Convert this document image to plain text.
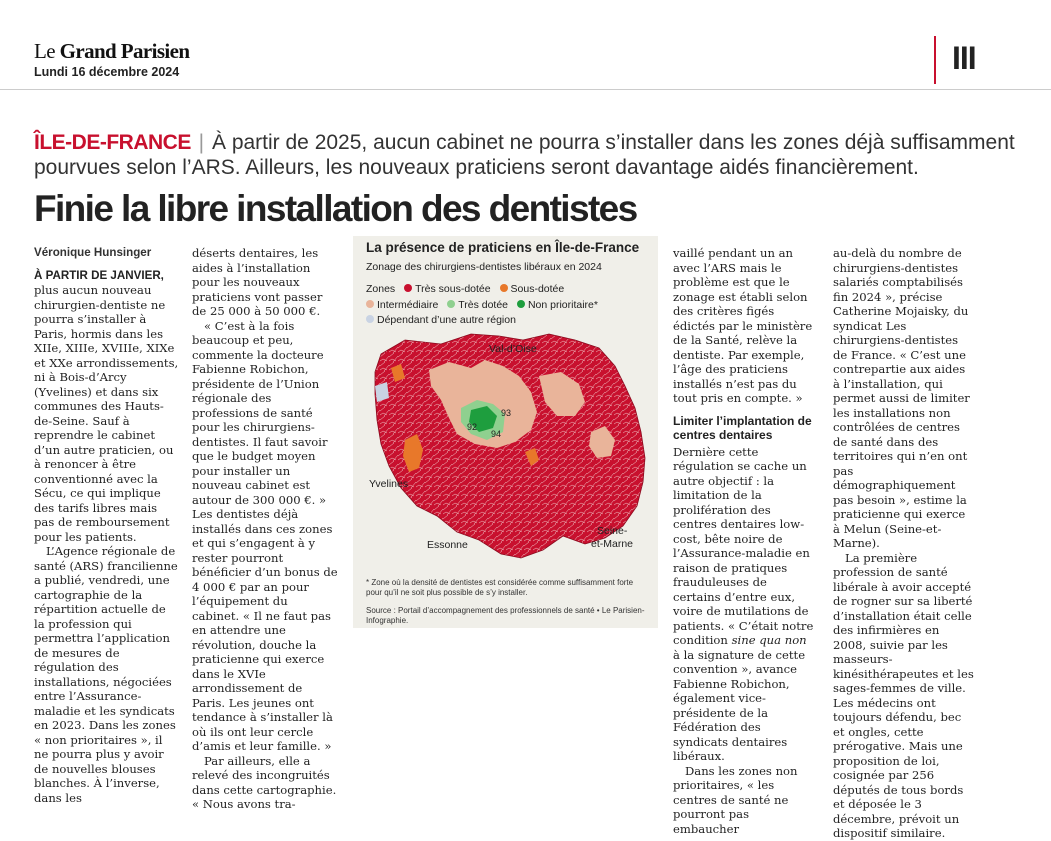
Le Grand Parisien
Lundi 16 décembre 2024	III
ÎLE-DE-FRANCE | À partir de 2025, aucun cabinet ne pourra s’installer dans les zones déjà suffisamment pourvues selon l’ARS. Ailleurs, les nouveaux praticiens seront davantage aidés financièrement.
Finie la libre installation des dentistes
Véronique Hunsinger

À PARTIR DE JANVIER, plus aucun nouveau chirurgien-dentiste ne pourra s’installer à Paris, hormis dans les XIIe, XIIIe, XVIIIe, XIXe et XXe arrondissements, ni à Bois-d’Arcy (Yvelines) et dans six communes des Hauts-de-Seine. Sauf à reprendre le cabinet d’un autre praticien, ou à renoncer à être conventionné avec la Sécu, ce qui implique des tarifs libres mais pas de remboursement pour les patients.

L’Agence régionale de santé (ARS) francilienne a publié, vendredi, une cartographie de la répartition actuelle de la profession qui permettra l’application de mesures de régulation des installations, négociées entre l’Assurance-maladie et les syndicats en 2023. Dans les zones « non prioritaires », il ne pourra plus y avoir de nouvelles blouses blanches. À l’inverse, dans les

déserts dentaires, les aides à l’installation pour les nouveaux praticiens vont passer de 25 000 à 50 000 €.

« C’est à la fois beaucoup et peu, commente la docteure Fabienne Robichon, présidente de l’Union régionale des professions de santé pour les chirurgiens-dentistes. Il faut savoir que le budget moyen pour installer un nouveau cabinet est autour de 300 000 €. » Les dentistes déjà installés dans ces zones et qui s’engagent à y rester pourront bénéficier d’un bonus de 4 000 € par an pour l’équipement du cabinet. « Il ne faut pas en attendre une révolution, douche la praticienne qui exerce dans le XVIe arrondissement de Paris. Les jeunes ont tendance à s’installer là où ils ont leur cercle d’amis et leur famille. »

Par ailleurs, elle a relevé des incongruités dans cette cartographie. « Nous avons tra-

Val-d’Oise
Yvelines
Essonne
Seine-
et-Marne
93
92
94
La présence de praticiens en Île-de-France
Zonage des chirurgiens-dentistes libéraux en 2024
Zones Très sous-dotée Sous-dotée
Intermédiaire Très dotée Non prioritaire*
Dépendant d’une autre région
* Zone où la densité de dentistes est considérée comme suffisamment forte pour qu’il ne soit plus possible de s’y installer.
Source : Portail d’accompagnement des professionnels de santé • Le Parisien-Infographie.

vaillé pendant un an avec l’ARS mais le problème est que le zonage est établi selon des critères figés édictés par le ministère de la Santé, relève la dentiste. Par exemple, l’âge des praticiens installés n’est pas du tout pris en compte. »

Limiter l’implantation de centres dentaires

Dernière cette régulation se cache un autre objectif : la limitation de la prolifération des centres dentaires low-cost, bête noire de l’Assurance-maladie en raison de pratiques frauduleuses de certains d’entre eux, voire de mutilations de patients. « C’était notre condition sine qua non à la signature de cette convention », avance Fabienne Robichon, également vice-présidente de la Fédération des syndicats dentaires libéraux.

Dans les zones non prioritaires, « les centres de santé ne pourront pas embaucher

au-delà du nombre de chirurgiens-dentistes salariés comptabilisés fin 2024 », précise Catherine Mojaisky, du syndicat Les chirurgiens-dentistes de France. « C’est une contrepartie aux aides à l’installation, qui permet aussi de limiter les installations non contrôlées de centres de santé dans des territoires qui n’en ont pas démographiquement pas besoin », estime la praticienne qui exerce à Melun (Seine-et-Marne).

La première profession de santé libérale à avoir accepté de rogner sur sa liberté d’installation était celle des infirmières en 2008, suivie par les masseurs-kinésithérapeutes et les sages-femmes de ville. Les médecins ont toujours défendu, bec et ongles, cette prérogative. Mais une proposition de loi, cosignée par 256 députés de tous bords et déposée le 3 décembre, prévoit un dispositif similaire.
